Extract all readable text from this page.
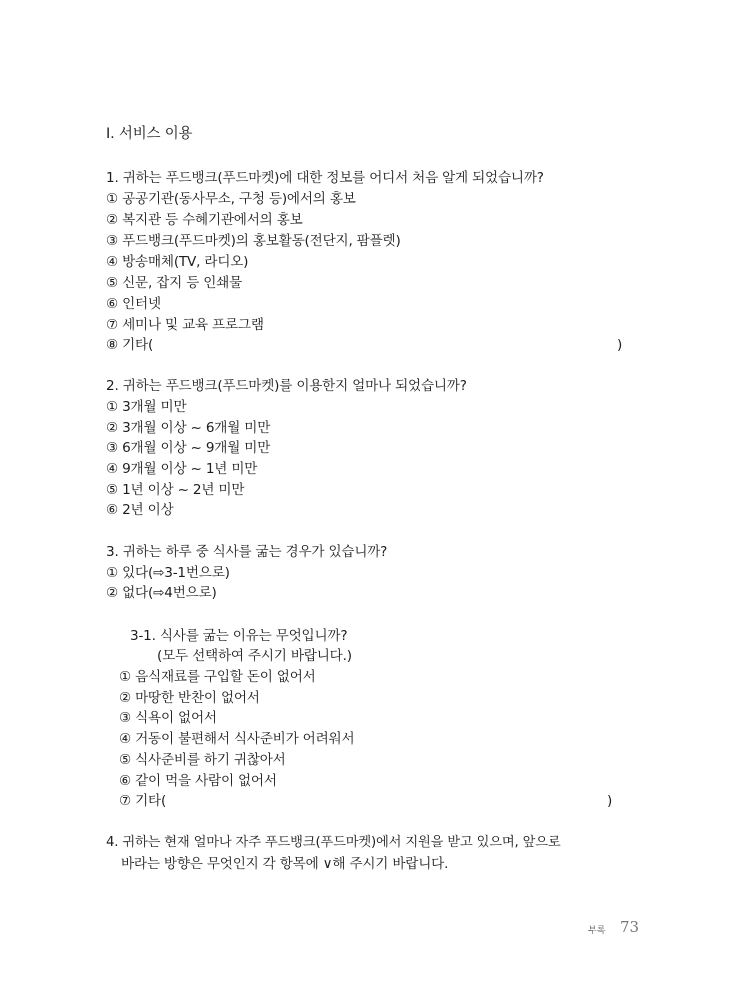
Ⅰ. 서비스 이용
1. 귀하는 푸드뱅크(푸드마켓)에 대한 정보를 어디서 처음 알게 되었습니까?
① 공공기관(동사무소, 구청 등)에서의 홍보
② 복지관 등 수혜기관에서의 홍보
③ 푸드뱅크(푸드마켓)의 홍보활동(전단지, 팜플렛)
④ 방송매체(TV, 라디오)
⑤ 신문, 잡지 등 인쇄물
⑥ 인터넷
⑦ 세미나 및 교육 프로그램
⑧ 기타(	)
2. 귀하는 푸드뱅크(푸드마켓)를 이용한지 얼마나 되었습니까?
① 3개월 미만
② 3개월 이상 ~ 6개월 미만
③ 6개월 이상 ~ 9개월 미만
④ 9개월 이상 ~ 1년 미만
⑤ 1년 이상 ~ 2년 미만
⑥ 2년 이상
3. 귀하는 하루 중 식사를 굶는 경우가 있습니까?
① 있다(⇨3-1번으로)
② 없다(⇨4번으로)
3-1. 식사를 굶는 이유는 무엇입니까?
(모두 선택하여 주시기 바랍니다.)
① 음식재료를 구입할 돈이 없어서
② 마땅한 반찬이 없어서
③ 식욕이 없어서
④ 거동이 불편해서 식사준비가 어려워서
⑤ 식사준비를 하기 귀찮아서
⑥ 같이 먹을 사람이 없어서
⑦ 기타(	)
4. 귀하는 현재 얼마나 자주 푸드뱅크(푸드마켓)에서 지원을 받고 있으며, 앞으로
바라는 방향은 무엇인지 각 항목에 ∨해 주시기 바랍니다.
부록 73
